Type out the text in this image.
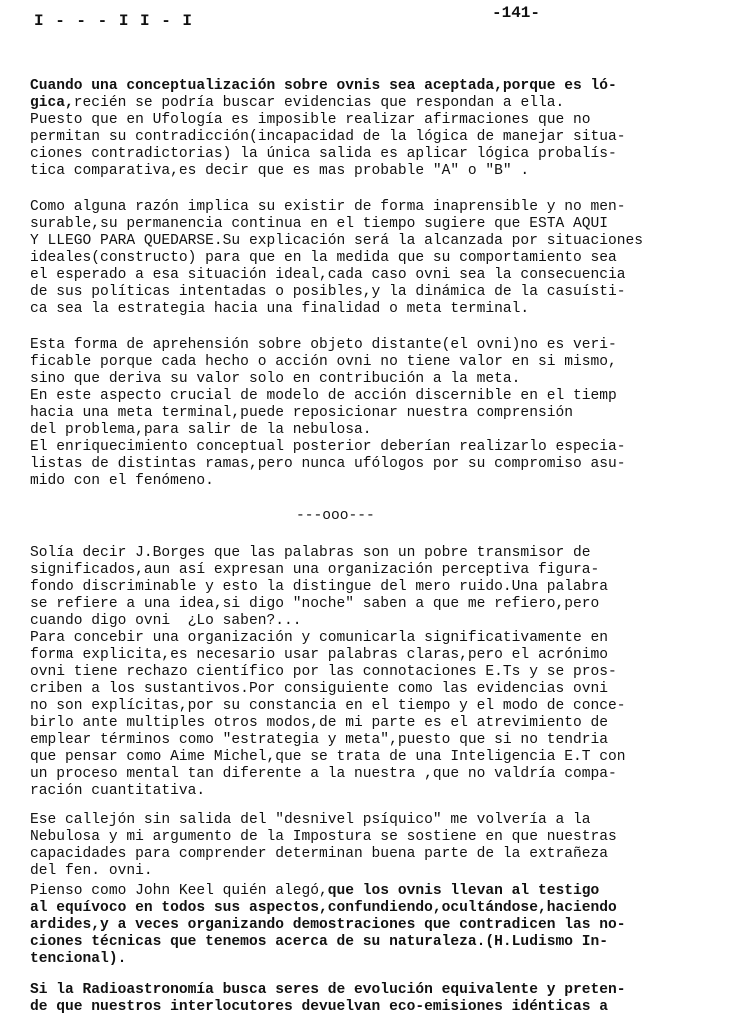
I - - - I I - I	-141-
Cuando una conceptualización sobre ovnis sea aceptada,porque es ló-
gica,recién se podría buscar evidencias que respondan a ella.
Puesto que en Ufología es imposible realizar afirmaciones que no
permitan su contradicción(incapacidad de la lógica de manejar situa-
ciones contradictorias) la única salida es aplicar lógica probalís-
tica comparativa,es decir que es mas probable "A" o "B" .
Como alguna razón implica su existir de forma inaprensible y no men-
surable,su permanencia continua en el tiempo sugiere que ESTA AQUI
Y LLEGO PARA QUEDARSE.Su explicación será la alcanzada por situaciones
ideales(constructo) para que en la medida que su comportamiento sea
el esperado a esa situación ideal,cada caso ovni sea la consecuencia
de sus políticas intentadas o posibles,y la dinámica de la casuísti-
ca sea la estrategia hacia una finalidad o meta terminal.
Esta forma de aprehensión sobre objeto distante(el ovni)no es veri-
ficable porque cada hecho o acción ovni no tiene valor en si mismo,
sino que deriva su valor solo en contribución a la meta.
En este aspecto crucial de modelo de acción discernible en el tiemp
hacia una meta terminal,puede reposicionar nuestra comprensión
del problema,para salir de la nebulosa.
El enriquecimiento conceptual posterior deberían realizarlo especia-
listas de distintas ramas,pero nunca ufólogos por su compromiso asu-
mido con el fenómeno.
---ooo---
Solía decir J.Borges que las palabras son un pobre transmisor de
significados,aun así expresan una organización perceptiva figura-
fondo discriminable y esto la distingue del mero ruido.Una palabra
se refiere a una idea,si digo "noche" saben a que me refiero,pero
cuando digo ovni  ¿Lo saben?...
Para concebir una organización y comunicarla significativamente en
forma explicita,es necesario usar palabras claras,pero el acrónimo
ovni tiene rechazo científico por las connotaciones E.Ts y se pros-
criben a los sustantivos.Por consiguiente como las evidencias ovni
no son explícitas,por su constancia en el tiempo y el modo de conce-
birlo ante multiples otros modos,de mi parte es el atrevimiento de
emplear términos como "estrategia y meta",puesto que si no tendria
que pensar como Aime Michel,que se trata de una Inteligencia E.T con
un proceso mental tan diferente a la nuestra ,que no valdría compa-
ración cuantitativa.
Ese callejón sin salida del "desnivel psíquico" me volvería a la
Nebulosa y mi argumento de la Impostura se sostiene en que nuestras
capacidades para comprender determinan buena parte de la extrañeza
del fen. ovni.
Pienso como John Keel quién alegó,que los ovnis llevan al testigo
al equívoco en todos sus aspectos,confundiendo,ocultándose,haciendo
ardides,y a veces organizando demostraciones que contradicen las no-
ciones técnicas que tenemos acerca de su naturaleza.(H.Ludismo In-
tencional).
Si la Radioastronomía busca seres de evolución equivalente y preten-
de que nuestros interlocutores devuelvan eco-emisiones idénticas a
